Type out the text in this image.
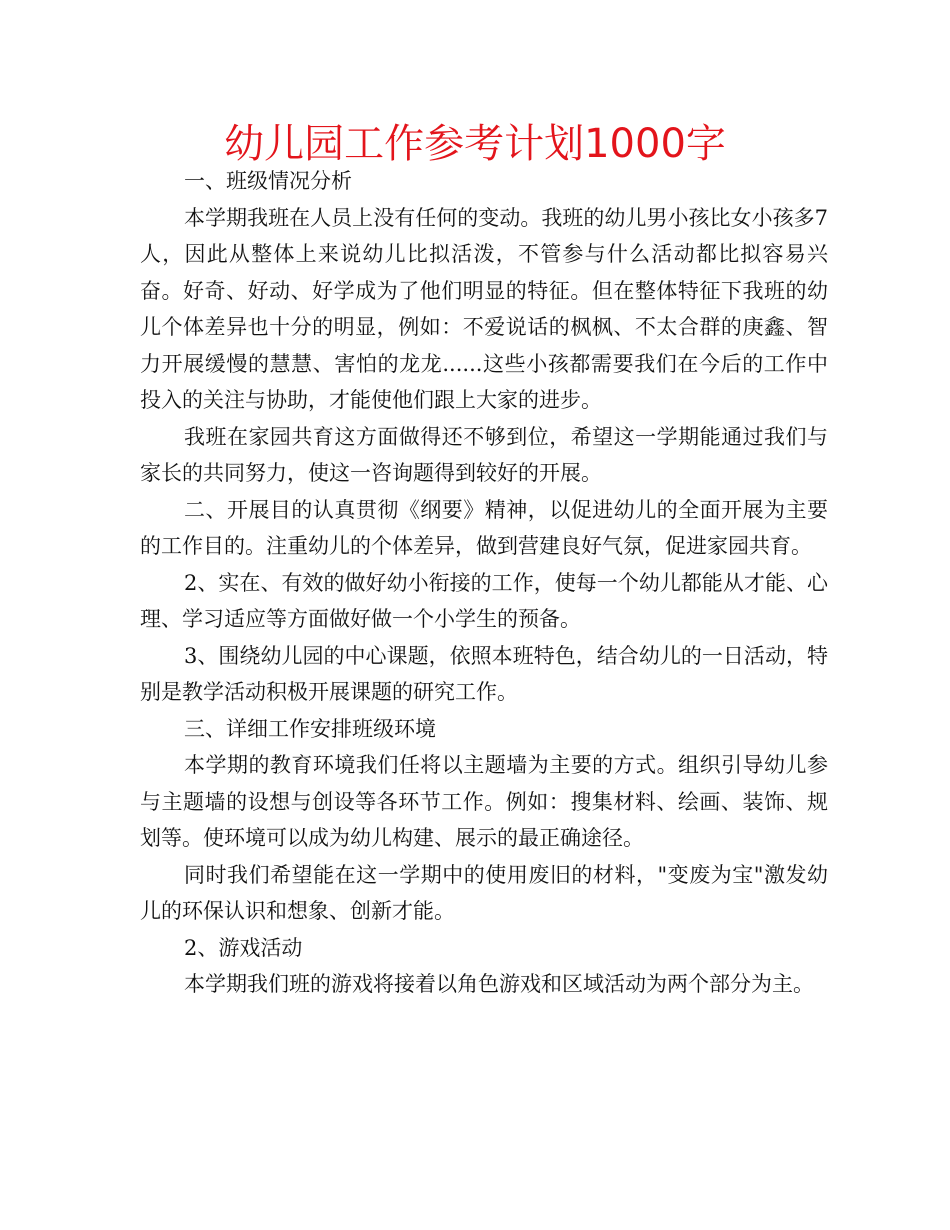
幼儿园工作参考计划1000字

一、班级情况分析

本学期我班在人员上没有任何的变动。我班的幼儿男小孩比女小孩多7人，因此从整体上来说幼儿比拟活泼，不管参与什么活动都比拟容易兴奋。好奇、好动、好学成为了他们明显的特征。但在整体特征下我班的幼儿个体差异也十分的明显，例如：不爱说话的枫枫、不太合群的庚鑫、智力开展缓慢的慧慧、害怕的龙龙......这些小孩都需要我们在今后的工作中投入的关注与协助，才能使他们跟上大家的进步。

我班在家园共育这方面做得还不够到位，希望这一学期能通过我们与家长的共同努力，使这一咨询题得到较好的开展。

二、开展目的认真贯彻《纲要》精神，以促进幼儿的全面开展为主要的工作目的。注重幼儿的个体差异，做到营建良好气氛，促进家园共育。

2、实在、有效的做好幼小衔接的工作，使每一个幼儿都能从才能、心理、学习适应等方面做好做一个小学生的预备。

3、围绕幼儿园的中心课题，依照本班特色，结合幼儿的一日活动，特别是教学活动积极开展课题的研究工作。

三、详细工作安排班级环境

本学期的教育环境我们任将以主题墙为主要的方式。组织引导幼儿参与主题墙的设想与创设等各环节工作。例如：搜集材料、绘画、装饰、规划等。使环境可以成为幼儿构建、展示的最正确途径。

同时我们希望能在这一学期中的使用废旧的材料，"变废为宝"激发幼儿的环保认识和想象、创新才能。

2、游戏活动

本学期我们班的游戏将接着以角色游戏和区域活动为两个部分为主。
